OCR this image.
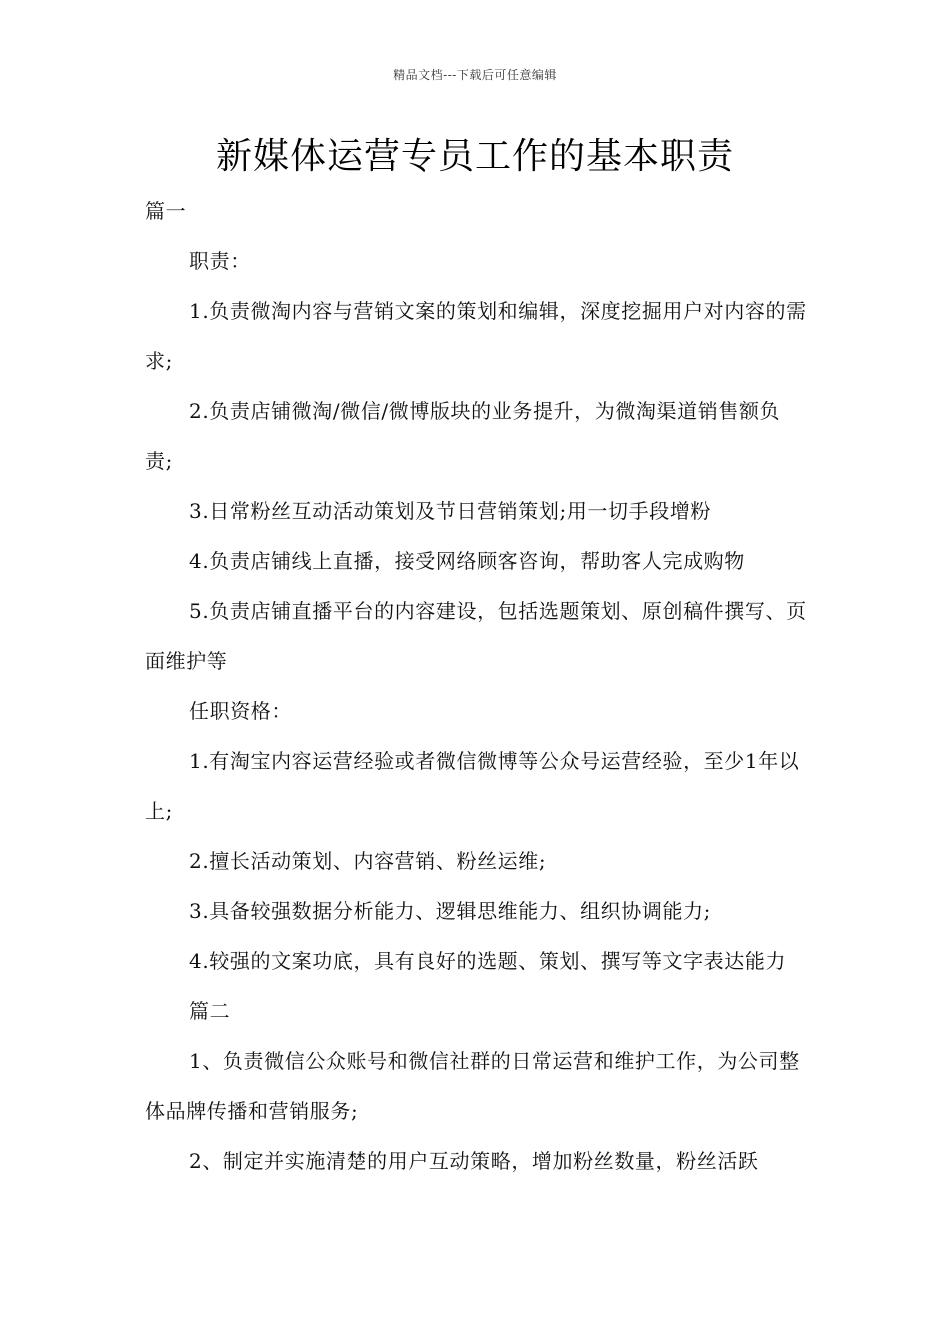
精品文档---下载后可任意编辑
新媒体运营专员工作的基本职责

篇一

职责：

1.负责微淘内容与营销文案的策划和编辑，深度挖掘用户对内容的需求;

2.负责店铺微淘/微信/微博版块的业务提升，为微淘渠道销售额负责;

3.日常粉丝互动活动策划及节日营销策划;用一切手段增粉

4.负责店铺线上直播，接受网络顾客咨询，帮助客人完成购物

5.负责店铺直播平台的内容建设，包括选题策划、原创稿件撰写、页面维护等

任职资格：

1.有淘宝内容运营经验或者微信微博等公众号运营经验，至少1年以上;

2.擅长活动策划、内容营销、粉丝运维;

3.具备较强数据分析能力、逻辑思维能力、组织协调能力;

4.较强的文案功底，具有良好的选题、策划、撰写等文字表达能力

篇二

1、负责微信公众账号和微信社群的日常运营和维护工作，为公司整体品牌传播和营销服务;

2、制定并实施清楚的用户互动策略，增加粉丝数量，粉丝活跃
